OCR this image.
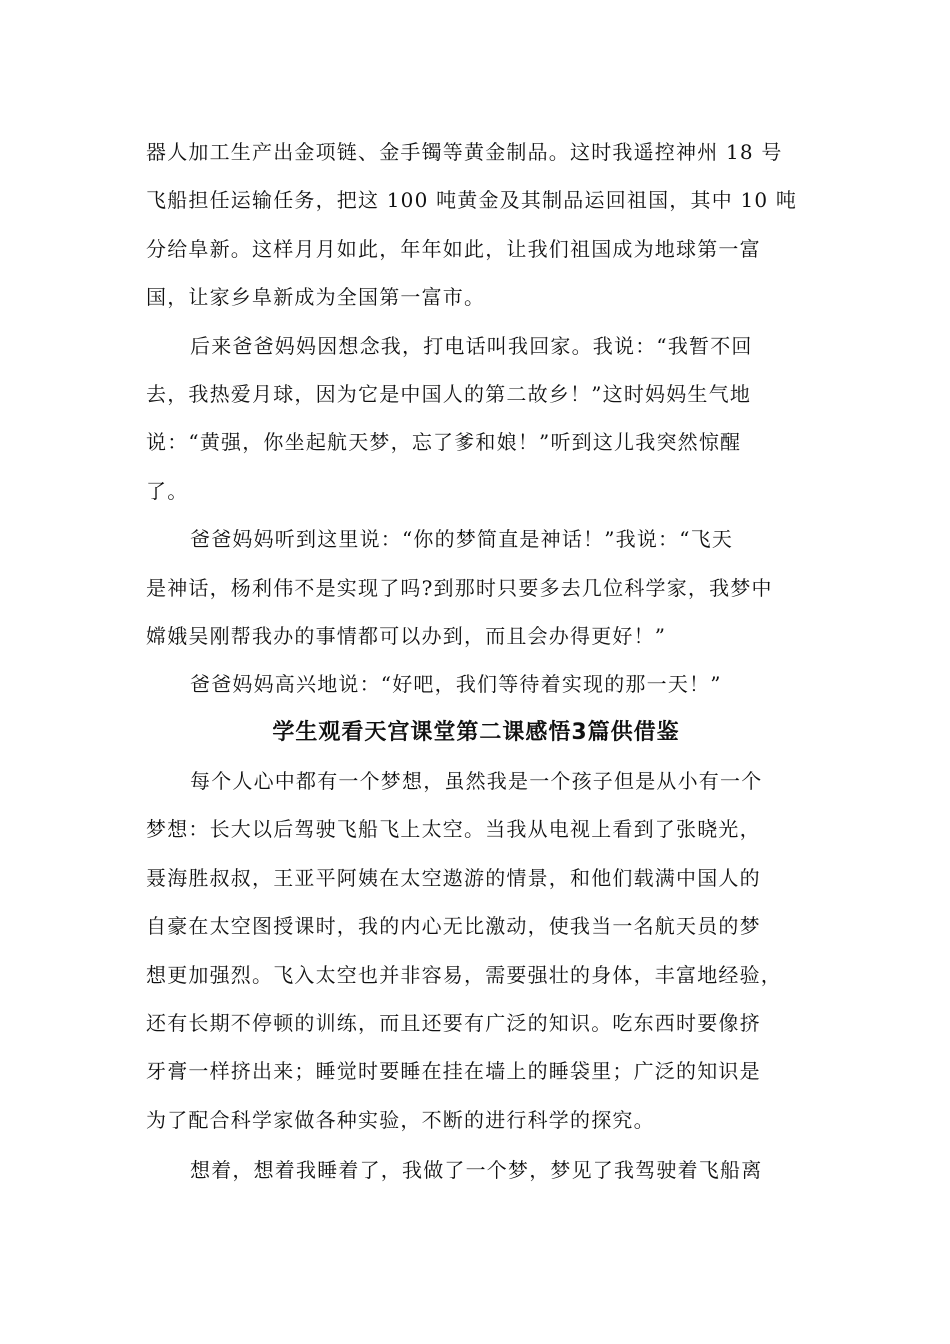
器人加工生产出金项链、金手镯等黄金制品。这时我遥控神州 18 号
飞船担任运输任务，把这 100 吨黄金及其制品运回祖国，其中 10 吨
分给阜新。这样月月如此，年年如此，让我们祖国成为地球第一富
国，让家乡阜新成为全国第一富市。

后来爸爸妈妈因想念我，打电话叫我回家。我说：“我暂不回
去，我热爱月球，因为它是中国人的第二故乡！”这时妈妈生气地
说：“黄强，你坐起航天梦，忘了爹和娘！”听到这儿我突然惊醒
了。

爸爸妈妈听到这里说：“你的梦简直是神话！”我说：“飞天
是神话，杨利伟不是实现了吗?到那时只要多去几位科学家，我梦中
嫦娥吴刚帮我办的事情都可以办到，而且会办得更好！”

爸爸妈妈高兴地说：“好吧，我们等待着实现的那一天！”

学生观看天宫课堂第二课感悟3篇供借鉴

每个人心中都有一个梦想，虽然我是一个孩子但是从小有一个
梦想：长大以后驾驶飞船飞上太空。当我从电视上看到了张晓光，
聂海胜叔叔，王亚平阿姨在太空遨游的情景，和他们载满中国人的
自豪在太空图授课时，我的内心无比激动，使我当一名航天员的梦
想更加强烈。飞入太空也并非容易，需要强壮的身体，丰富地经验，
还有长期不停顿的训练，而且还要有广泛的知识。吃东西时要像挤
牙膏一样挤出来；睡觉时要睡在挂在墙上的睡袋里；广泛的知识是
为了配合科学家做各种实验，不断的进行科学的探究。

想着，想着我睡着了，我做了一个梦，梦见了我驾驶着飞船离
